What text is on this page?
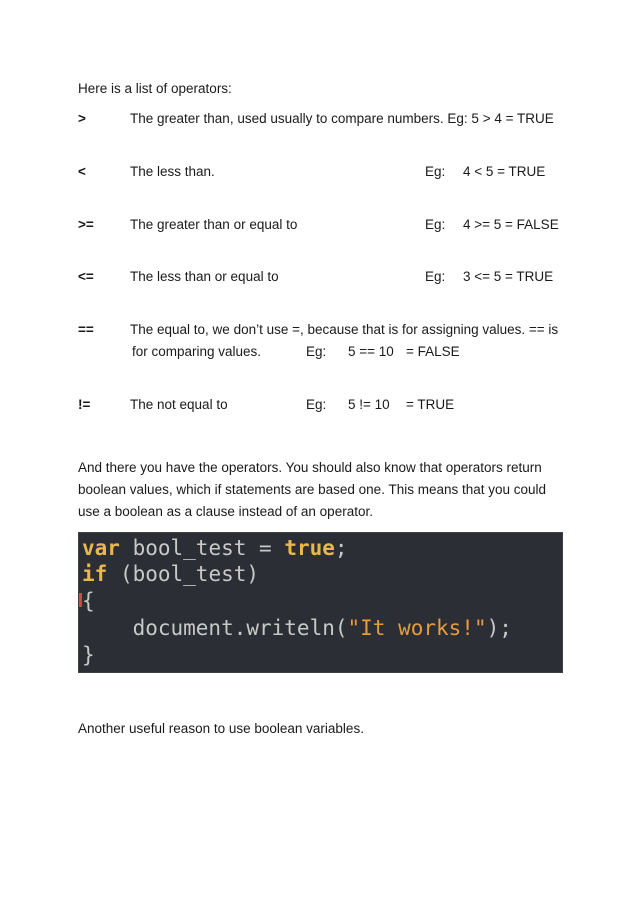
Here is a list of operators:
>	The greater than, used usually to compare numbers. Eg: 5 > 4 = TRUE
<	The less than.	Eg: 4 < 5 = TRUE
>=	The greater than or equal to	Eg: 4 >= 5 = FALSE
<=	The less than or equal to	Eg: 3 <= 5 = TRUE
==	The equal to, we don’t use =, because that is for assigning values. == is
for comparing values.	Eg: 5 == 10 = FALSE
!=	The not equal to	Eg: 5 != 10 = TRUE
And there you have the operators. You should also know that operators return boolean values, which if statements are based one. This means that you could use a boolean as a clause instead of an operator.
var bool_test = true;
if (bool_test)
{
document.writeln("It works!");
}
Another useful reason to use boolean variables.
